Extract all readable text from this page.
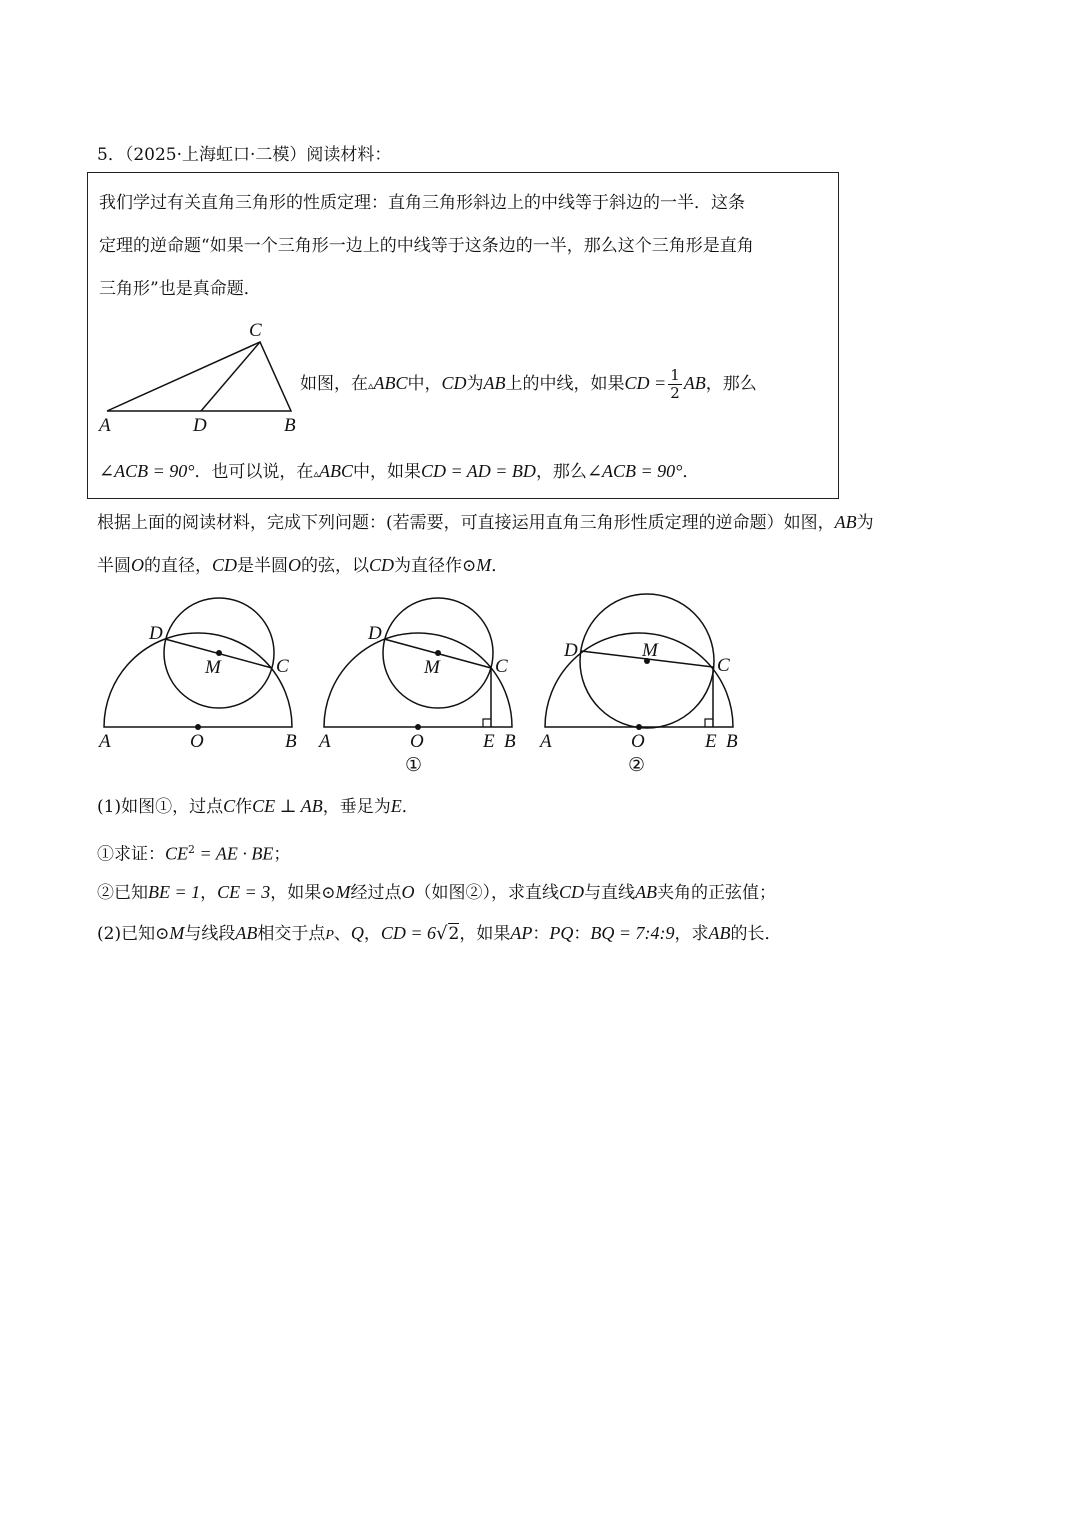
5．（2025·上海虹口·二模）阅读材料：
我们学过有关直角三角形的性质定理：直角三角形斜边上的中线等于斜边的一半．这条
定理的逆命题“如果一个三角形一边上的中线等于这条边的一半，那么这个三角形是直角
三角形”也是真命题．
A	D	B
C
如图，在▵ABC中，CD为AB上的中线，如果CD = $\frac{1}{2}$ AB，那么
∠ACB = 90°．也可以说，在▵ABC中，如果CD = AD = BD，那么∠ACB = 90°．
根据上面的阅读材料，完成下列问题：(若需要，可直接运用直角三角形性质定理的逆命题）如图，AB为
半圆O的直径，CD是半圆O的弦，以CD为直径作⊙M．
D
C
M
A	O	B
D
C
M
A	O	E B
①
D
C
M
A	O	E B
②
(1)如图①，过点C作CE ⊥ AB，垂足为E．
①求证：$CE^2$ = AE · BE；
②已知BE = 1，CE = 3，如果⊙M经过点O（如图②），求直线CD与直线AB夹角的正弦值；
(2)已知⊙M与线段AB相交于点P、Q，CD = 6√2，如果AP：PQ：BQ = 7:4:9，求AB的长．
